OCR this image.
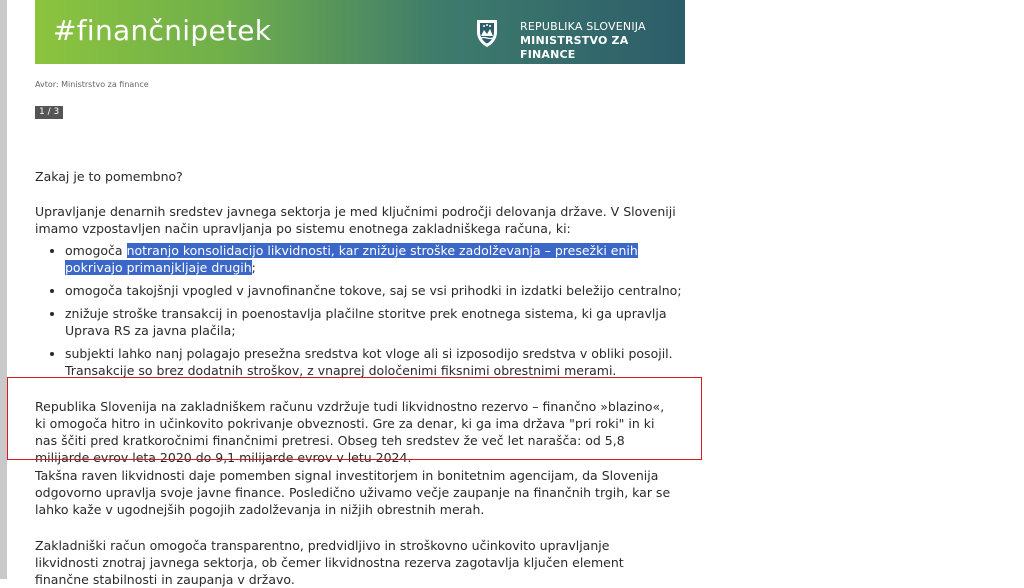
#finančnipetek	REPUBLIKA SLOVENIJA
MINISTRSTVO ZA FINANCE
Avtor: Ministrstvo za finance
1 / 3

Zakaj je to pomembno?

Upravljanje denarnih sredstev javnega sektorja je med ključnimi področji delovanja države. V Sloveniji imamo vzpostavljen način upravljanja po sistemu enotnega zakladniškega računa, ki:

• omogoča notranjo konsolidacijo likvidnosti, kar znižuje stroške zadolževanja – presežki enih pokrivajo primanjkljaje drugih;
• omogoča takojšnji vpogled v javnofinančne tokove, saj se vsi prihodki in izdatki beležijo centralno;
• znižuje stroške transakcij in poenostavlja plačilne storitve prek enotnega sistema, ki ga upravlja Uprava RS za javna plačila;
• subjekti lahko nanj polagajo presežna sredstva kot vloge ali si izposodijo sredstva v obliki posojil. Transakcije so brez dodatnih stroškov, z vnaprej določenimi fiksnimi obrestnimi merami.

Republika Slovenija na zakladniškem računu vzdržuje tudi likvidnostno rezervo – finančno »blazino«, ki omogoča hitro in učinkovito pokrivanje obveznosti. Gre za denar, ki ga ima država "pri roki" in ki nas ščiti pred kratkoročnimi finančnimi pretresi. Obseg teh sredstev že več let narašča: od 5,8 milijarde evrov leta 2020 do 9,1 milijarde evrov v letu 2024.

Takšna raven likvidnosti daje pomemben signal investitorjem in bonitetnim agencijam, da Slovenija odgovorno upravlja svoje javne finance. Posledično uživamo večje zaupanje na finančnih trgih, kar se lahko kaže v ugodnejših pogojih zadolževanja in nižjih obrestnih merah.

Zakladniški račun omogoča transparentno, predvidljivo in stroškovno učinkovito upravljanje likvidnosti znotraj javnega sektorja, ob čemer likvidnostna rezerva zagotavlja ključen element finančne stabilnosti in zaupanja v državo.
